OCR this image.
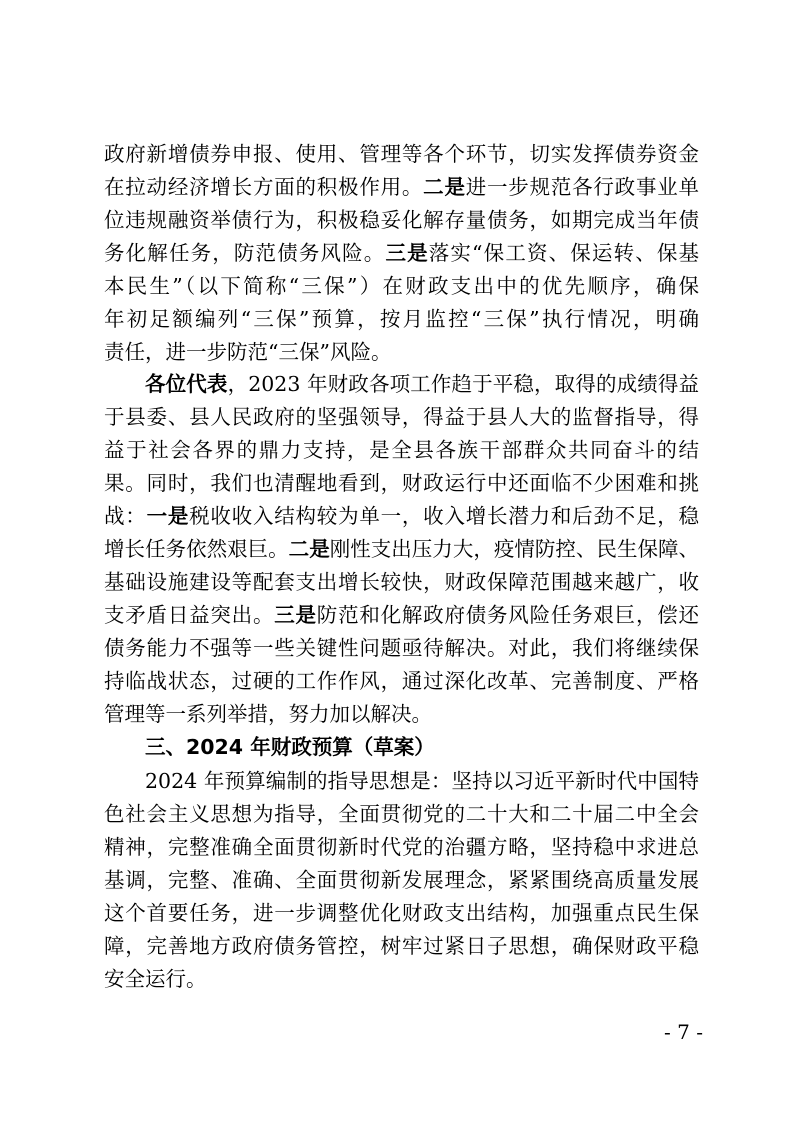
政府新增债券申报、使用、管理等各个环节，切实发挥债券资金
在拉动经济增长方面的积极作用。二是进一步规范各行政事业单
位违规融资举债行为，积极稳妥化解存量债务，如期完成当年债
务化解任务，防范债务风险。三是落实“保工资、保运转、保基
本民生”（以下简称“三保”）在财政支出中的优先顺序，确保
年初足额编列“三保”预算，按月监控“三保”执行情况，明确
责任，进一步防范“三保”风险。
各位代表，2023 年财政各项工作趋于平稳，取得的成绩得益
于县委、县人民政府的坚强领导，得益于县人大的监督指导，得
益于社会各界的鼎力支持，是全县各族干部群众共同奋斗的结
果。同时，我们也清醒地看到，财政运行中还面临不少困难和挑
战：一是税收收入结构较为单一，收入增长潜力和后劲不足，稳
增长任务依然艰巨。二是刚性支出压力大，疫情防控、民生保障、
基础设施建设等配套支出增长较快，财政保障范围越来越广，收
支矛盾日益突出。三是防范和化解政府债务风险任务艰巨，偿还
债务能力不强等一些关键性问题亟待解决。对此，我们将继续保
持临战状态，过硬的工作作风，通过深化改革、完善制度、严格
管理等一系列举措，努力加以解决。
三、2024 年财政预算（草案）
2024 年预算编制的指导思想是：坚持以习近平新时代中国特
色社会主义思想为指导，全面贯彻党的二十大和二十届二中全会
精神，完整准确全面贯彻新时代党的治疆方略，坚持稳中求进总
基调，完整、准确、全面贯彻新发展理念，紧紧围绕高质量发展
这个首要任务，进一步调整优化财政支出结构，加强重点民生保
障，完善地方政府债务管控，树牢过紧日子思想，确保财政平稳
安全运行。
- 7 -
